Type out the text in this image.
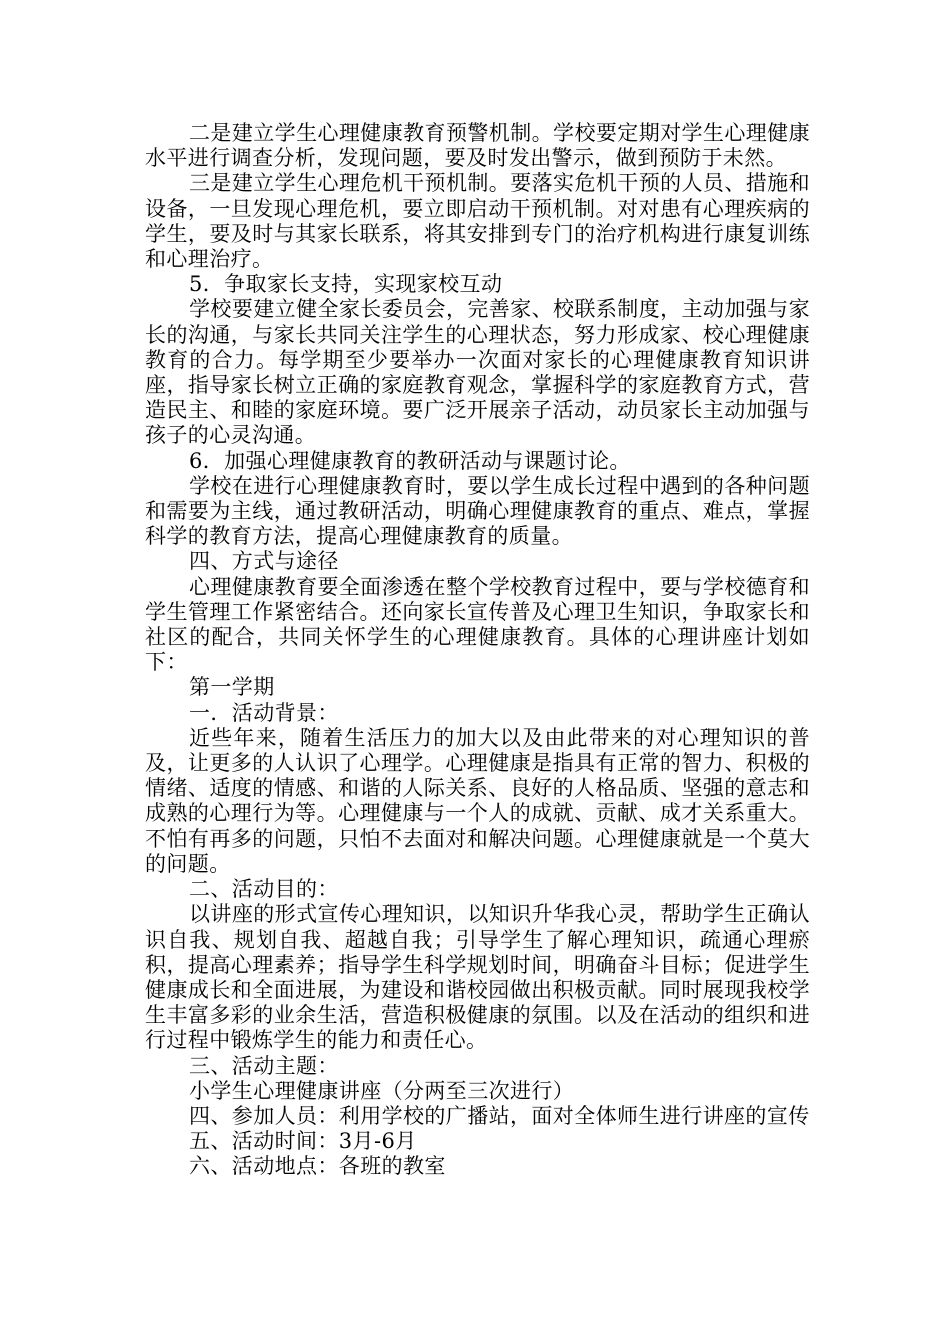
二是建立学生心理健康教育预警机制。学校要定期对学生心理健康水平进行调查分析，发现问题，要及时发出警示，做到预防于未然。

三是建立学生心理危机干预机制。要落实危机干预的人员、措施和设备，一旦发现心理危机，要立即启动干预机制。对对患有心理疾病的学生，要及时与其家长联系，将其安排到专门的治疗机构进行康复训练和心理治疗。

5．争取家长支持，实现家校互动

学校要建立健全家长委员会，完善家、校联系制度，主动加强与家长的沟通，与家长共同关注学生的心理状态，努力形成家、校心理健康教育的合力。每学期至少要举办一次面对家长的心理健康教育知识讲座，指导家长树立正确的家庭教育观念，掌握科学的家庭教育方式，营造民主、和睦的家庭环境。要广泛开展亲子活动，动员家长主动加强与孩子的心灵沟通。

6．加强心理健康教育的教研活动与课题讨论。

学校在进行心理健康教育时，要以学生成长过程中遇到的各种问题和需要为主线，通过教研活动，明确心理健康教育的重点、难点，掌握科学的教育方法，提高心理健康教育的质量。

四、方式与途径

心理健康教育要全面渗透在整个学校教育过程中，要与学校德育和学生管理工作紧密结合。还向家长宣传普及心理卫生知识，争取家长和社区的配合，共同关怀学生的心理健康教育。具体的心理讲座计划如下：

第一学期

一．活动背景：

近些年来，随着生活压力的加大以及由此带来的对心理知识的普及，让更多的人认识了心理学。心理健康是指具有正常的智力、积极的情绪、适度的情感、和谐的人际关系、良好的人格品质、坚强的意志和成熟的心理行为等。心理健康与一个人的成就、贡献、成才关系重大。不怕有再多的问题，只怕不去面对和解决问题。心理健康就是一个莫大的问题。

二、活动目的：

以讲座的形式宣传心理知识，以知识升华我心灵，帮助学生正确认识自我、规划自我、超越自我；引导学生了解心理知识，疏通心理瘀积，提高心理素养；指导学生科学规划时间，明确奋斗目标；促进学生健康成长和全面进展，为建设和谐校园做出积极贡献。同时展现我校学生丰富多彩的业余生活，营造积极健康的氛围。以及在活动的组织和进行过程中锻炼学生的能力和责任心。

三、活动主题：

小学生心理健康讲座（分两至三次进行）

四、参加人员：利用学校的广播站，面对全体师生进行讲座的宣传

五、活动时间：3月-6月

六、活动地点：各班的教室
